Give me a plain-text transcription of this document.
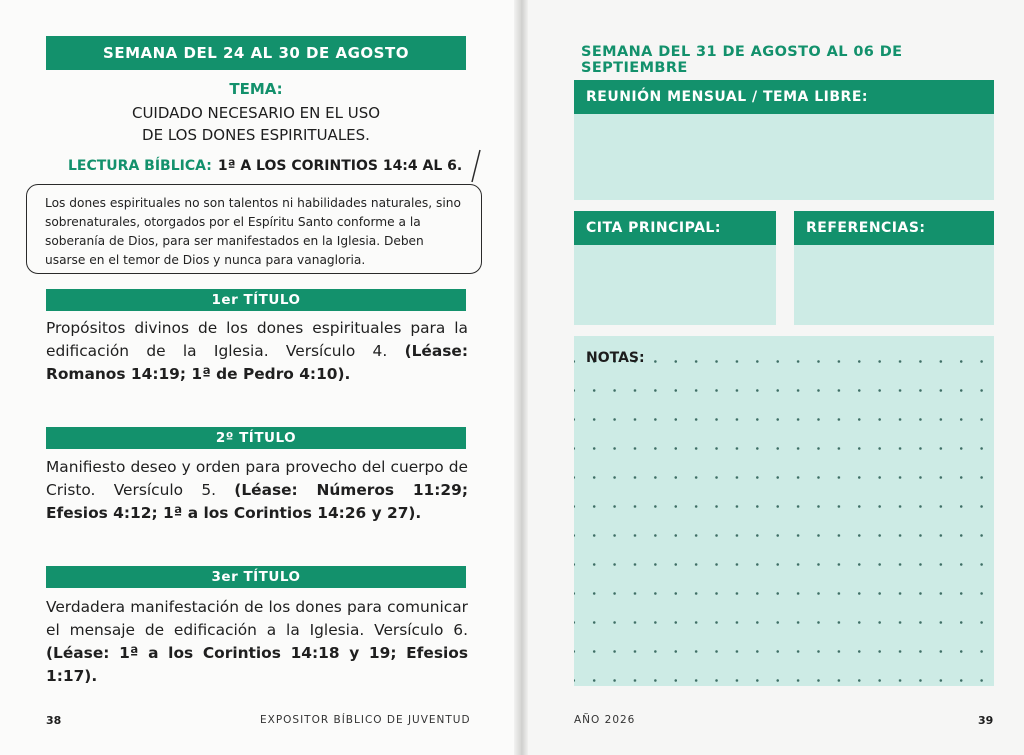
SEMANA DEL 24 AL 30 DE AGOSTO
TEMA:
CUIDADO NECESARIO EN EL USO
DE LOS DONES ESPIRITUALES.
LECTURA BÍBLICA: 1ª A LOS CORINTIOS 14:4 AL 6.
Los dones espirituales no son talentos ni habilidades naturales, sino sobrenaturales, otorgados por el Espíritu Santo conforme a la soberanía de Dios, para ser manifestados en la Iglesia. Deben usarse en el temor de Dios y nunca para vanagloria.
1er TÍTULO
Propósitos divinos de los dones espirituales para la edificación de la Iglesia. Versículo 4. (Léase: Romanos 14:19; 1ª de Pedro 4:10).
2º TÍTULO
Manifiesto deseo y orden para provecho del cuerpo de Cristo. Versículo 5. (Léase: Números 11:29; Efesios 4:12; 1ª a los Corintios 14:26 y 27).
3er TÍTULO
Verdadera manifestación de los dones para comunicar el mensaje de edificación a la Iglesia. Versículo 6. (Léase: 1ª a los Corintios 14:18 y 19; Efesios 1:17).
38	EXPOSITOR BÍBLICO DE JUVENTUD
SEMANA DEL 31 DE AGOSTO AL 06 DE SEPTIEMBRE
REUNIÓN MENSUAL / TEMA LIBRE:
CITA PRINCIPAL:	REFERENCIAS:
NOTAS:
AÑO 2026	39
